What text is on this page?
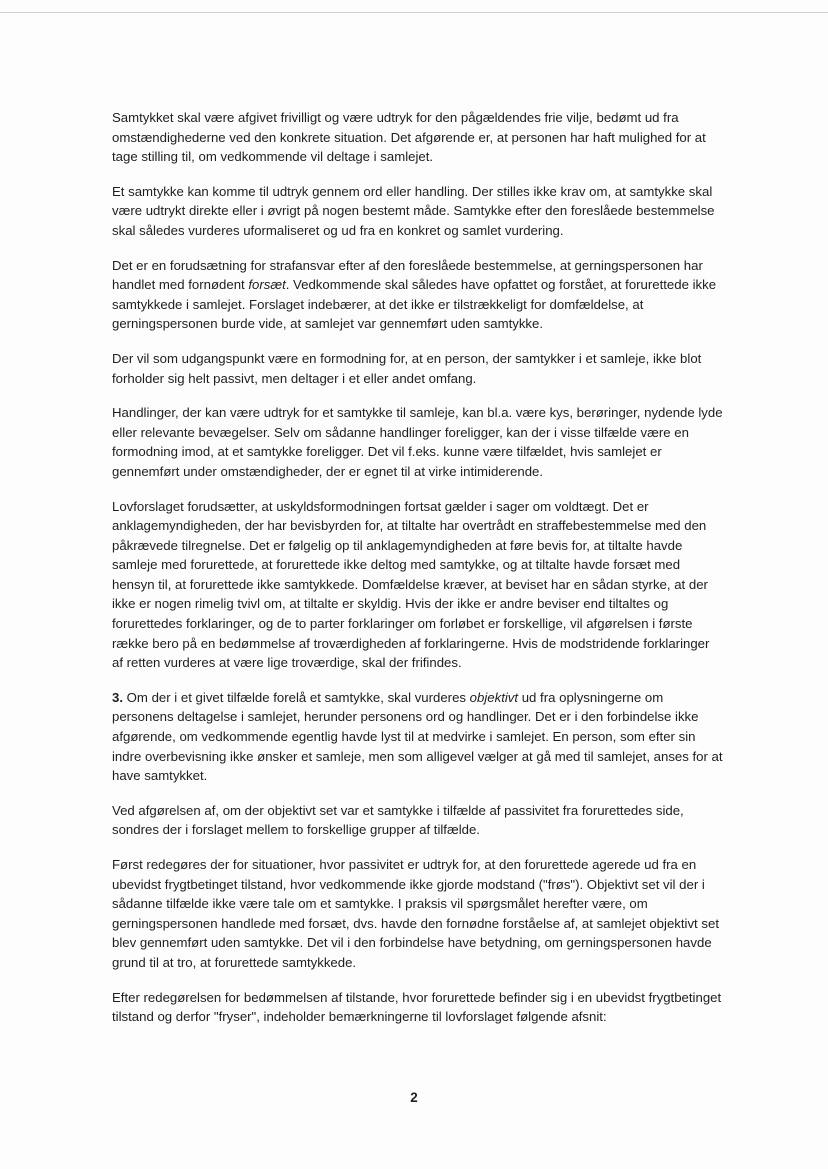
Samtykket skal være afgivet frivilligt og være udtryk for den pågældendes frie vilje, bedømt ud fra omstændighederne ved den konkrete situation. Det afgørende er, at personen har haft mulighed for at tage stilling til, om vedkommende vil deltage i samlejet.

Et samtykke kan komme til udtryk gennem ord eller handling. Der stilles ikke krav om, at samtykke skal være udtrykt direkte eller i øvrigt på nogen bestemt måde. Samtykke efter den foreslåede bestemmelse skal således vurderes uformaliseret og ud fra en konkret og samlet vurdering.

Det er en forudsætning for strafansvar efter af den foreslåede bestemmelse, at gerningspersonen har handlet med fornødent forsæt. Vedkommende skal således have opfattet og forstået, at forurettede ikke samtykkede i samlejet. Forslaget indebærer, at det ikke er tilstrækkeligt for domfældelse, at gerningspersonen burde vide, at samlejet var gennemført uden samtykke.

Der vil som udgangspunkt være en formodning for, at en person, der samtykker i et samleje, ikke blot forholder sig helt passivt, men deltager i et eller andet omfang.

Handlinger, der kan være udtryk for et samtykke til samleje, kan bl.a. være kys, berøringer, nydende lyde eller relevante bevægelser. Selv om sådanne handlinger foreligger, kan der i visse tilfælde være en formodning imod, at et samtykke foreligger. Det vil f.eks. kunne være tilfældet, hvis samlejet er gennemført under omstændigheder, der er egnet til at virke intimiderende.

Lovforslaget forudsætter, at uskyldsformodningen fortsat gælder i sager om voldtægt. Det er anklagemyndigheden, der har bevisbyrden for, at tiltalte har overtrådt en straffebestemmelse med den påkrævede tilregnelse. Det er følgelig op til anklagemyndigheden at føre bevis for, at tiltalte havde samleje med forurettede, at forurettede ikke deltog med samtykke, og at tiltalte havde forsæt med hensyn til, at forurettede ikke samtykkede. Domfældelse kræver, at beviset har en sådan styrke, at der ikke er nogen rimelig tvivl om, at tiltalte er skyldig. Hvis der ikke er andre beviser end tiltaltes og forurettedes forklaringer, og de to parter forklaringer om forløbet er forskellige, vil afgørelsen i første række bero på en bedømmelse af troværdigheden af forklaringerne. Hvis de modstridende forklaringer af retten vurderes at være lige troværdige, skal der frifindes.

3. Om der i et givet tilfælde forelå et samtykke, skal vurderes objektivt ud fra oplysningerne om personens deltagelse i samlejet, herunder personens ord og handlinger. Det er i den forbindelse ikke afgørende, om vedkommende egentlig havde lyst til at medvirke i samlejet. En person, som efter sin indre overbevisning ikke ønsker et samleje, men som alligevel vælger at gå med til samlejet, anses for at have samtykket.

Ved afgørelsen af, om der objektivt set var et samtykke i tilfælde af passivitet fra forurettedes side, sondres der i forslaget mellem to forskellige grupper af tilfælde.

Først redegøres der for situationer, hvor passivitet er udtryk for, at den forurettede agerede ud fra en ubevidst frygtbetinget tilstand, hvor vedkommende ikke gjorde modstand ("frøs"). Objektivt set vil der i sådanne tilfælde ikke være tale om et samtykke. I praksis vil spørgsmålet herefter være, om gerningspersonen handlede med forsæt, dvs. havde den fornødne forståelse af, at samlejet objektivt set blev gennemført uden samtykke. Det vil i den forbindelse have betydning, om gerningspersonen havde grund til at tro, at forurettede samtykkede.

Efter redegørelsen for bedømmelsen af tilstande, hvor forurettede befinder sig i en ubevidst frygtbetinget tilstand og derfor "fryser", indeholder bemærkningerne til lovforslaget følgende afsnit:

2
